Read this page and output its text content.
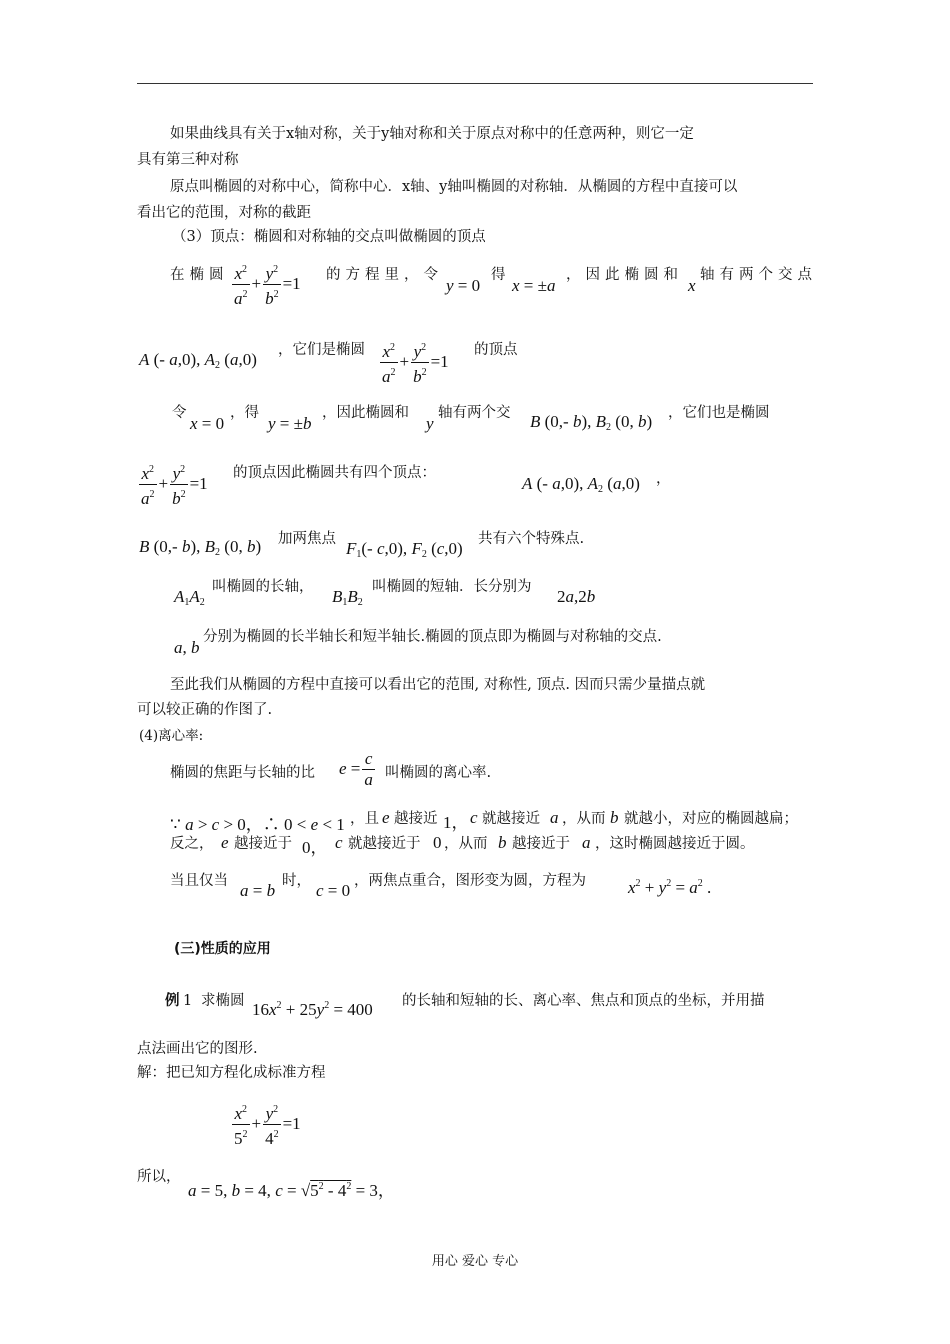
如果曲线具有关于x轴对称，关于y轴对称和关于原点对称中的任意两种，则它一定
具有第三种对称
原点叫椭圆的对称中心，简称中心．x轴、y轴叫椭圆的对称轴．从椭圆的方程中直接可以
看出它的范围，对称的截距
（3）顶点：椭圆和对称轴的交点叫做椭圆的顶点
在椭圆 $\frac{x^2}{a^2} + \frac{y^2}{b^2} =1$ 的方程里，令
y = 0
得
x = ±a
，因此椭圆和
x
轴有两个交点
A (- a,0), $A_2$ (a,0) ，它们是椭圆 $\frac{x^2}{a^2} + \frac{y^2}{b^2} =1$
的顶点
令
x = 0
，得
y = ±b
，因此椭圆和
y
轴有两个交 B (0,- b), $B_2$ (0, b) ，它们也是椭圆
$\frac{x^2}{a^2} + \frac{y^2}{b^2} =1$
的顶点因此椭圆共有四个顶点：
A (- a,0), $A_2$ (a,0) ，
B (0,- b), $B_2$ (0, b) 加两焦点 $F_1(-$ c,0), $F_2$ (c,0) 共有六个特殊点.
$A_1A_2$
叫椭圆的长轴， $B_1B_2$
叫椭圆的短轴．长分别为 2a,2b
a, b
分别为椭圆的长半轴长和短半轴长.椭圆的顶点即为椭圆与对称轴的交点.
至此我们从椭圆的方程中直接可以看出它的范围, 对称性, 顶点. 因而只需少量描点就
可以较正确的作图了.
(4)离心率:
椭圆的焦距与长轴的比 $e = \frac{c}{a}$ 叫椭圆的离心率.
∵ a > c > 0，∴ 0 < e < 1 ，且 e 越接近 1， c 就越接近 a ，从而 b 就越小，对应的椭圆越扁；
反之， e 越接近于 0， c 就越接近于 0 ，从而 b 越接近于 a ，这时椭圆越接近于圆。
当且仅当 a = b 时， c = 0 ，两焦点重合，图形变为圆，方程为 $x^2 + y^2 = a^2$ .
(三)性质的应用
例 1 求椭圆 $16x^2 + 25y^2 = 400$ 的长轴和短轴的长、离心率、焦点和顶点的坐标，并用描
点法画出它的图形.
解：把已知方程化成标准方程
$\frac{x^2}{5^2} + \frac{y^2}{4^2} =1$
所以，
a = 5, b = 4, $c = √5^2 - 4^2 = 3$，
用心 爱心 专心
